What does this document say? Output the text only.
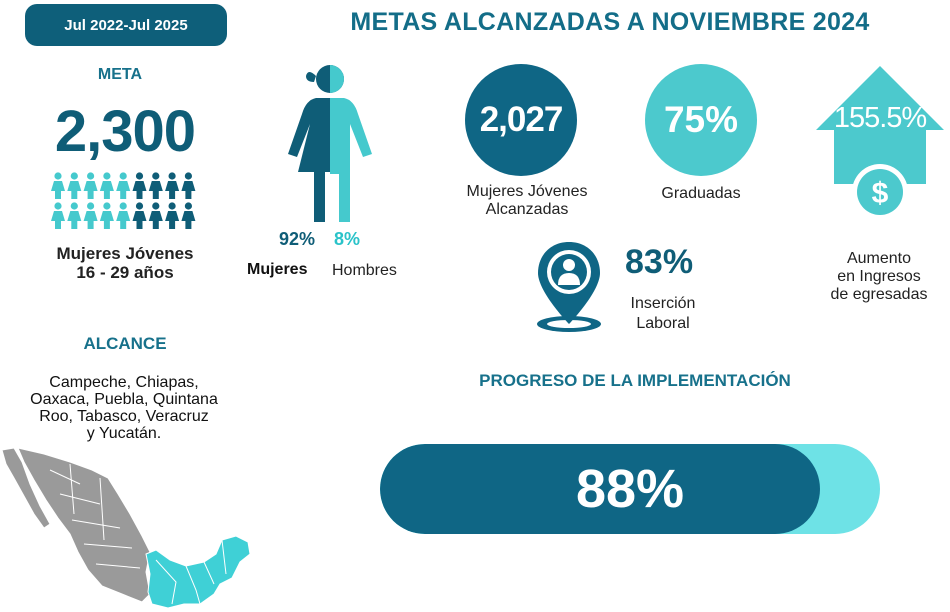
Jul 2022-Jul 2025	METAS ALCANZADAS A NOVIEMBRE 2024
META
2,300
Mujeres Jóvenes
16 - 29 años
92% 8%
Mujeres Hombres
2,027
Mujeres Jóvenes
Alcanzadas
75%
Graduadas	$
155.5%
Aumento
en Ingresos
de egresadas
83%
Inserción
Laboral
ALCANCE
Campeche, Chiapas,
Oaxaca, Puebla, Quintana
Roo, Tabasco, Veracruz
y Yucatán.
PROGRESO DE LA IMPLEMENTACIÓN
88%
